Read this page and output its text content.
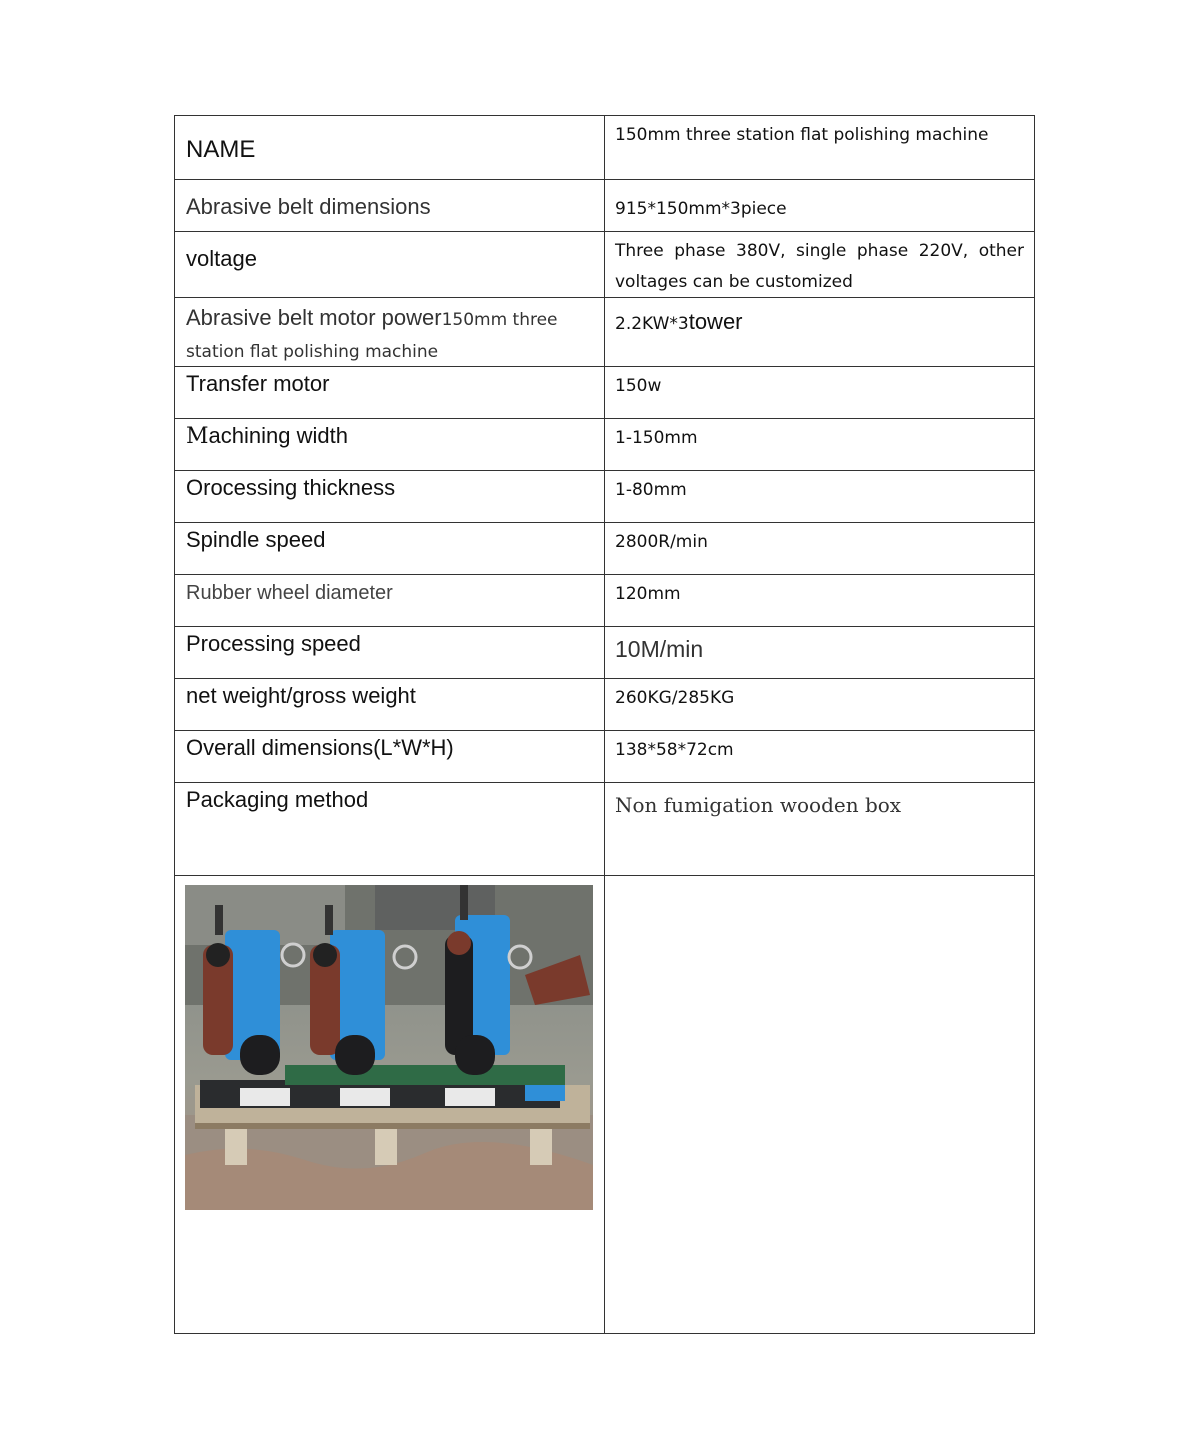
NAME	150mm three station flat polishing machine

Abrasive belt dimensions	915*150mm*3piece

voltage	Three phase 380V, single phase 220V, other voltages can be customized

Abrasive belt motor power150mm three station flat polishing machine	2.2KW*3tower

Transfer motor	150w

Machining width	1-150mm

Orocessing thickness	1-80mm

Spindle speed	2800R/min

Rubber wheel diameter	120mm

Processing speed	10M/min

net weight/gross weight	260KG/285KG

Overall dimensions(L*W*H)	138*58*72cm

Packaging method	Non fumigation wooden box
